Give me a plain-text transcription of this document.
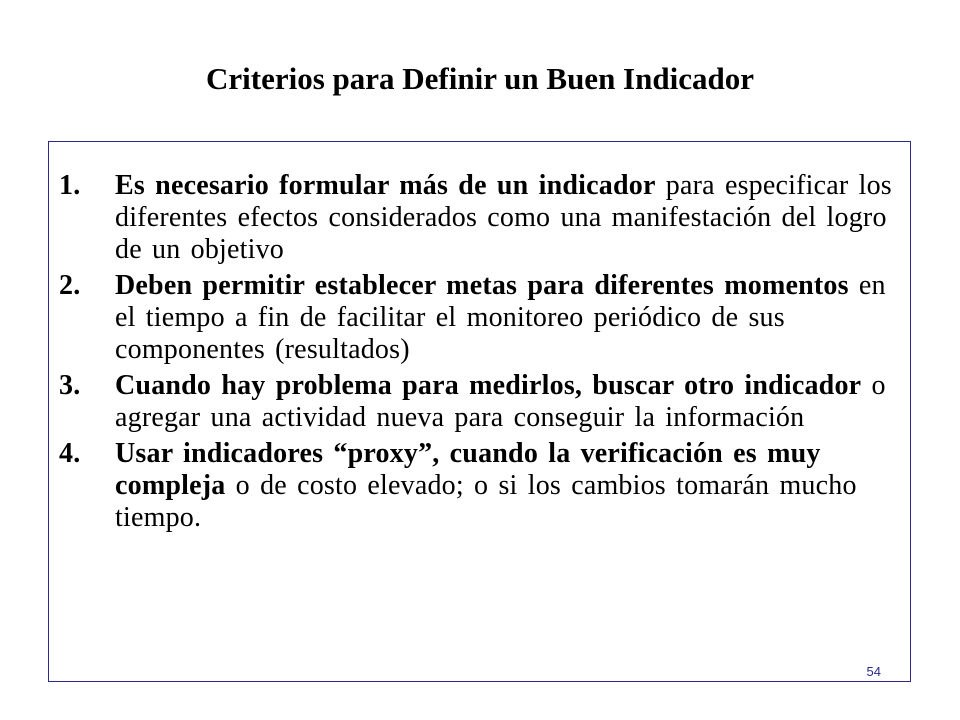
Criterios para Definir un Buen Indicador
1. Es necesario formular más de un indicador para especificar los diferentes efectos considerados como una manifestación del logro de un objetivo
2. Deben permitir establecer metas para diferentes momentos en el tiempo a fin de facilitar el monitoreo periódico de sus componentes (resultados)
3. Cuando hay problema para medirlos, buscar otro indicador o agregar una actividad nueva para conseguir la información
4. Usar indicadores “proxy”, cuando la verificación es muy compleja o de costo elevado; o si los cambios tomarán mucho tiempo.
54
